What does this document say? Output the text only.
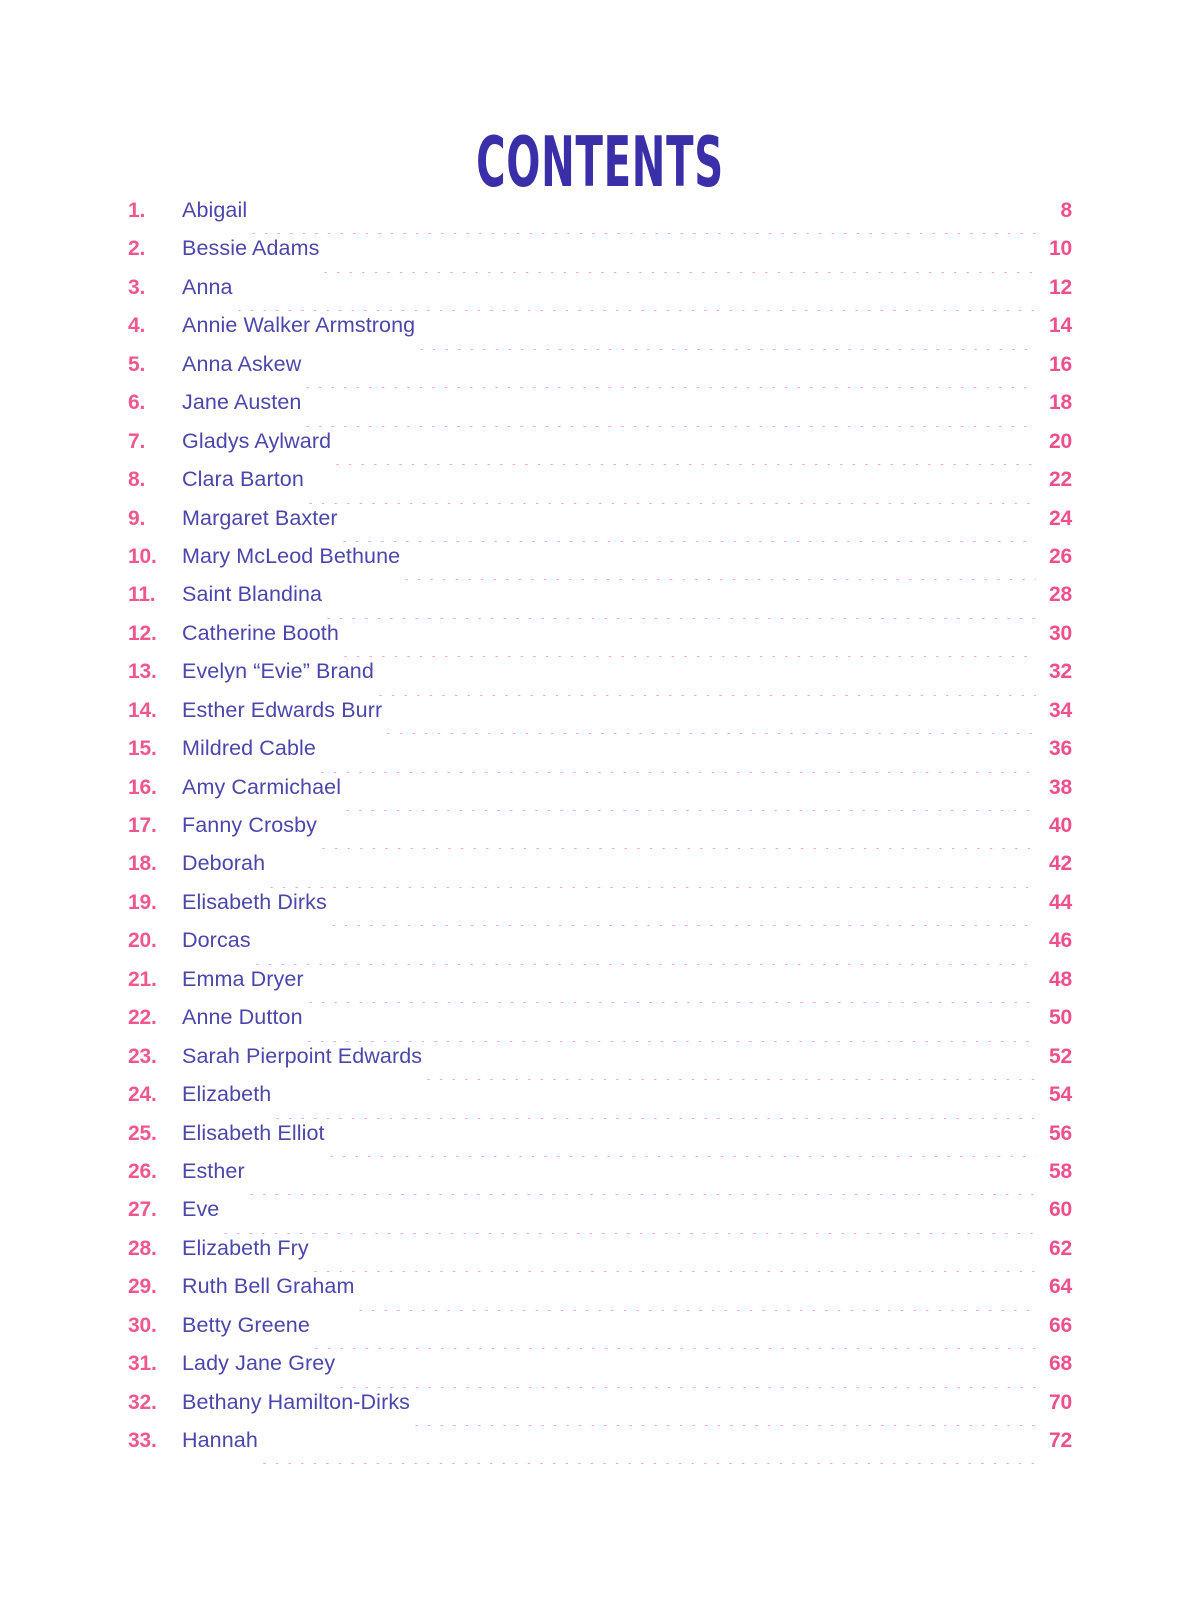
CONTENTS
1.	Abigail	8
2.	Bessie Adams	10
3.	Anna	12
4.	Annie Walker Armstrong	14
5.	Anna Askew	16
6.	Jane Austen	18
7.	Gladys Aylward	20
8.	Clara Barton	22
9.	Margaret Baxter	24
10.	Mary McLeod Bethune	26
11.	Saint Blandina	28
12.	Catherine Booth	30
13.	Evelyn “Evie” Brand	32
14.	Esther Edwards Burr	34
15.	Mildred Cable	36
16.	Amy Carmichael	38
17.	Fanny Crosby	40
18.	Deborah	42
19.	Elisabeth Dirks	44
20.	Dorcas	46
21.	Emma Dryer	48
22.	Anne Dutton	50
23.	Sarah Pierpoint Edwards	52
24.	Elizabeth	54
25.	Elisabeth Elliot	56
26.	Esther	58
27.	Eve	60
28.	Elizabeth Fry	62
29.	Ruth Bell Graham	64
30.	Betty Greene	66
31.	Lady Jane Grey	68
32.	Bethany Hamilton-Dirks	70
33.	Hannah	72
